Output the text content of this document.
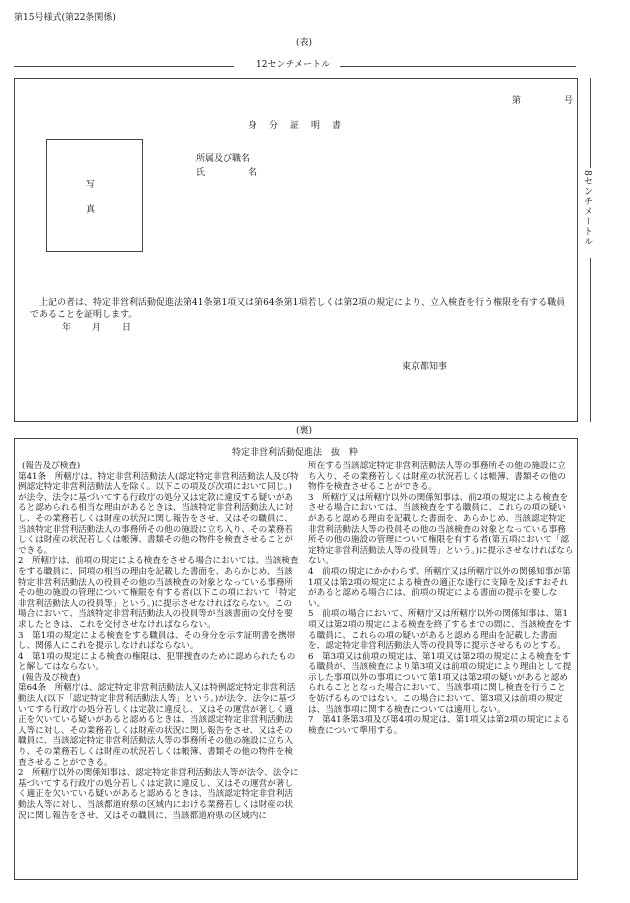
第15号様式(第22条関係)
(表)
12センチメートル
8センチメートル
第	号
身分証明書
写
真
所属及び職名
氏	名
上記の者は、特定非営利活動促進法第41条第1項又は第64条第1項若しくは第2項の規定により、立入検査を行う権限を有する職員であることを証明します。
年 月 日
東京都知事
(裏)
特定非営利活動促進法　抜　粋

(報告及び検査)

第41条　所轄庁は、特定非営利活動法人(認定特定非営利活動法人及び特例認定特定非営利活動法人を除く。以下この項及び次項において同じ。)が法令、法令に基づいてする行政庁の処分又は定款に違反する疑いがあると認められる相当な理由があるときは、当該特定非営利活動法人に対し、その業務若しくは財産の状況に関し報告をさせ、又はその職員に、当該特定非営利活動法人の事務所その他の施設に立ち入り、その業務若しくは財産の状況若しくは帳簿、書類その他の物件を検査させることができる。

2　所轄庁は、前項の規定による検査をさせる場合においては、当該検査をする職員に、同項の相当の理由を記載した書面を、あらかじめ、当該特定非営利活動法人の役員その他の当該検査の対象となっている事務所その他の施設の管理について権限を有する者(以下この項において「特定非営利活動法人の役員等」という。)に提示させなければならない。この場合において、当該特定非営利活動法人の役員等が当該書面の交付を要求したときは、これを交付させなければならない。

3　第1項の規定による検査をする職員は、その身分を示す証明書を携帯し、関係人にこれを提示しなければならない。

4　第1項の規定による検査の権限は、犯罪捜査のために認められたものと解してはならない。

(報告及び検査)

第64条　所轄庁は、認定特定非営利活動法人又は特例認定特定非営利活動法人(以下「認定特定非営利活動法人等」という。)が法令、法令に基づいてする行政庁の処分若しくは定款に違反し、又はその運営が著しく適正を欠いている疑いがあると認めるときは、当該認定特定非営利活動法人等に対し、その業務若しくは財産の状況に関し報告をさせ、又はその職員に、当該認定特定非営利活動法人等の事務所その他の施設に立ち入り、その業務若しくは財産の状況若しくは帳簿、書類その他の物件を検査させることができる。

2　所轄庁以外の関係知事は、認定特定非営利活動法人等が法令、法令に基づいてする行政庁の処分若しくは定款に違反し、又はその運営が著しく適正を欠いている疑いがあると認めるときは、当該認定特定非営利活動法人等に対し、当該都道府県の区域内における業務若しくは財産の状況に関し報告をさせ、又はその職員に、当該都道府県の区域内に

所在する当該認定特定非営利活動法人等の事務所その他の施設に立ち入り、その業務若しくは財産の状況若しくは帳簿、書類その他の物件を検査させることができる。

3　所轄庁又は所轄庁以外の関係知事は、前2項の規定による検査をさせる場合においては、当該検査をする職員に、これらの項の疑いがあると認める理由を記載した書面を、あらかじめ、当該認定特定非営利活動法人等の役員その他の当該検査の対象となっている事務所その他の施設の管理について権限を有する者(第五項において「認定特定非営利活動法人等の役員等」という。)に提示させなければならない。

4　前項の規定にかかわらず、所轄庁又は所轄庁以外の関係知事が第1項又は第2項の規定による検査の適正な遂行に支障を及ぼすおそれがあると認める場合には、前項の規定による書面の提示を要しない。

5　前項の場合において、所轄庁又は所轄庁以外の関係知事は、第1項又は第2項の規定による検査を終了するまでの間に、当該検査をする職員に、これらの項の疑いがあると認める理由を記載した書面を、認定特定非営利活動法人等の役員等に提示させるものとする。

6　第3項又は前項の規定は、第1項又は第2項の規定による検査をする職員が、当該検査により第3項又は前項の規定により理由として提示した事項以外の事項について第1項又は第2項の疑いがあると認められることとなった場合において、当該事項に関し検査を行うことを妨げるものではない。この場合において、第3項又は前項の規定は、当該事項に関する検査については適用しない。

7　第41条第3項及び第4項の規定は、第1項又は第2項の規定による検査について準用する。
